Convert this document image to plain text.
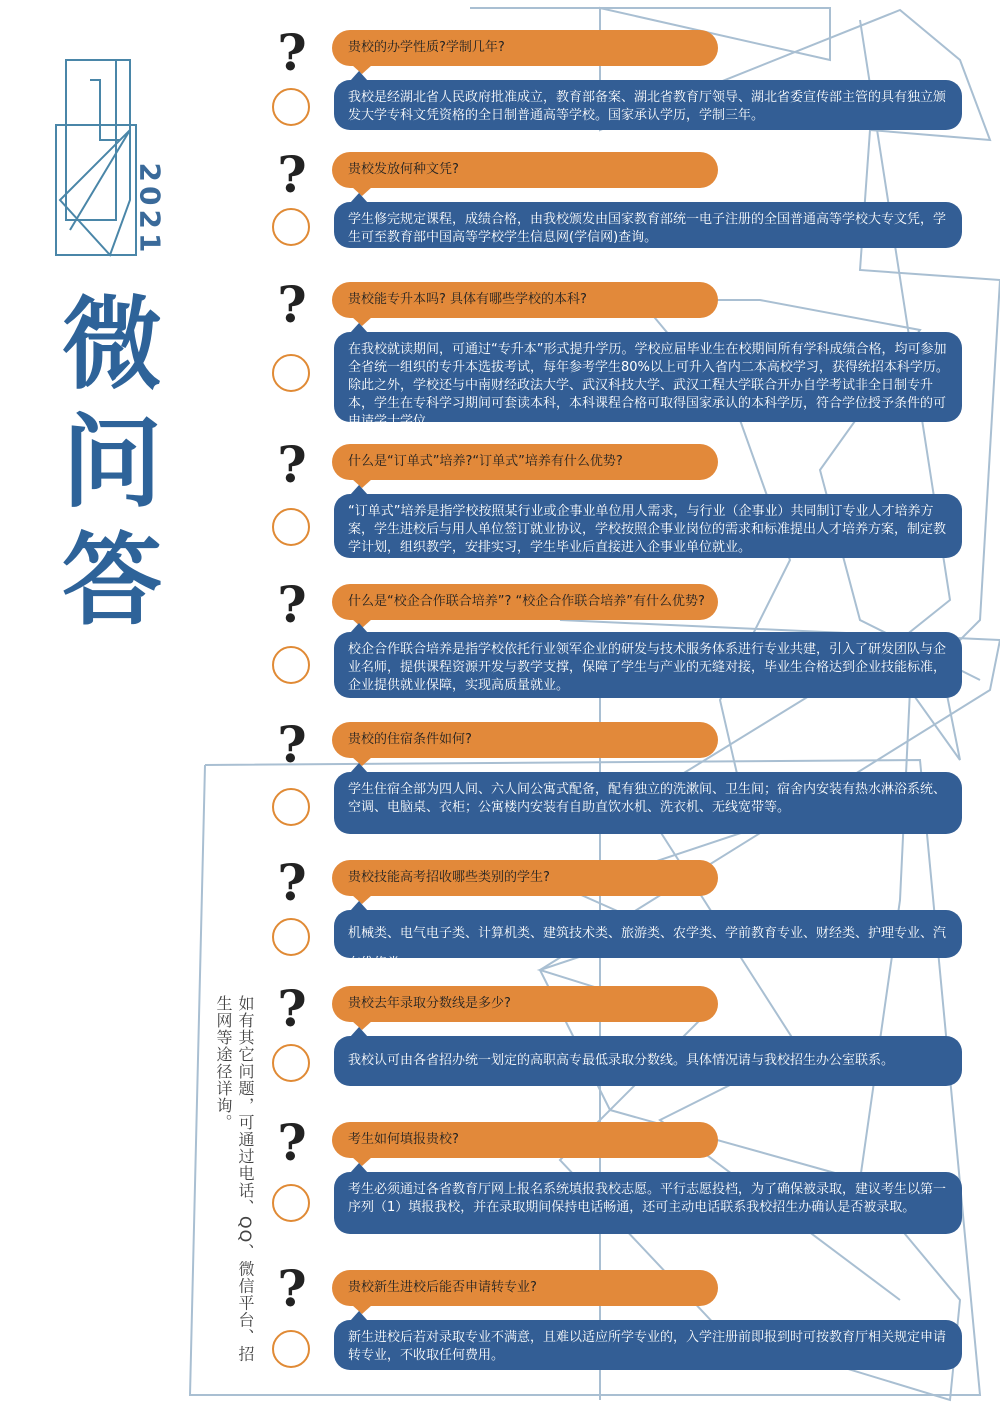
2021
微
问
答
如有其它问题，可通过电话、QQ、微信平台、招生网等途径详询。
?	贵校的办学性质?学制几年?
我校是经湖北省人民政府批准成立，教育部备案、湖北省教育厅领导、湖北省委宣传部主管的具有独立颁发大学专科文凭资格的全日制普通高等学校。国家承认学历，学制三年。
?	贵校发放何种文凭?
学生修完规定课程，成绩合格，由我校颁发由国家教育部统一电子注册的全国普通高等学校大专文凭，学生可至教育部中国高等学校学生信息网(学信网)查询。
?	贵校能专升本吗? 具体有哪些学校的本科?
在我校就读期间，可通过“专升本”形式提升学历。学校应届毕业生在校期间所有学科成绩合格，均可参加全省统一组织的专升本选拔考试，每年参考学生80%以上可升入省内二本高校学习，获得统招本科学历。除此之外，学校还与中南财经政法大学、武汉科技大学、武汉工程大学联合开办自学考试非全日制专升本，学生在专科学习期间可套读本科，本科课程合格可取得国家承认的本科学历，符合学位授予条件的可申请学士学位。
?	什么是“订单式”培养?“订单式”培养有什么优势?
“订单式”培养是指学校按照某行业或企事业单位用人需求，与行业（企事业）共同制订专业人才培养方案，学生进校后与用人单位签订就业协议，学校按照企事业岗位的需求和标准提出人才培养方案，制定教学计划，组织教学，安排实习，学生毕业后直接进入企事业单位就业。
?	什么是“校企合作联合培养”? “校企合作联合培养”有什么优势?
校企合作联合培养是指学校依托行业领军企业的研发与技术服务体系进行专业共建，引入了研发团队与企业名师，提供课程资源开发与教学支撑，保障了学生与产业的无缝对接，毕业生合格达到企业技能标准，企业提供就业保障，实现高质量就业。
?	贵校的住宿条件如何?
学生住宿全部为四人间、六人间公寓式配备，配有独立的洗漱间、卫生间；宿舍内安装有热水淋浴系统、空调、电脑桌、衣柜；公寓楼内安装有自助直饮水机、洗衣机、无线宽带等。
?	贵校技能高考招收哪些类别的学生?
机械类、电气电子类、计算机类、建筑技术类、旅游类、农学类、学前教育专业、财经类、护理专业、汽车维修类。
?	贵校去年录取分数线是多少?
我校认可由各省招办统一划定的高职高专最低录取分数线。具体情况请与我校招生办公室联系。
?	考生如何填报贵校?
考生必须通过各省教育厅网上报名系统填报我校志愿。平行志愿投档，为了确保被录取，建议考生以第一序列（1）填报我校，并在录取期间保持电话畅通，还可主动电话联系我校招生办确认是否被录取。
?	贵校新生进校后能否申请转专业?
新生进校后若对录取专业不满意，且难以适应所学专业的，入学注册前即报到时可按教育厅相关规定申请转专业，不收取任何费用。
